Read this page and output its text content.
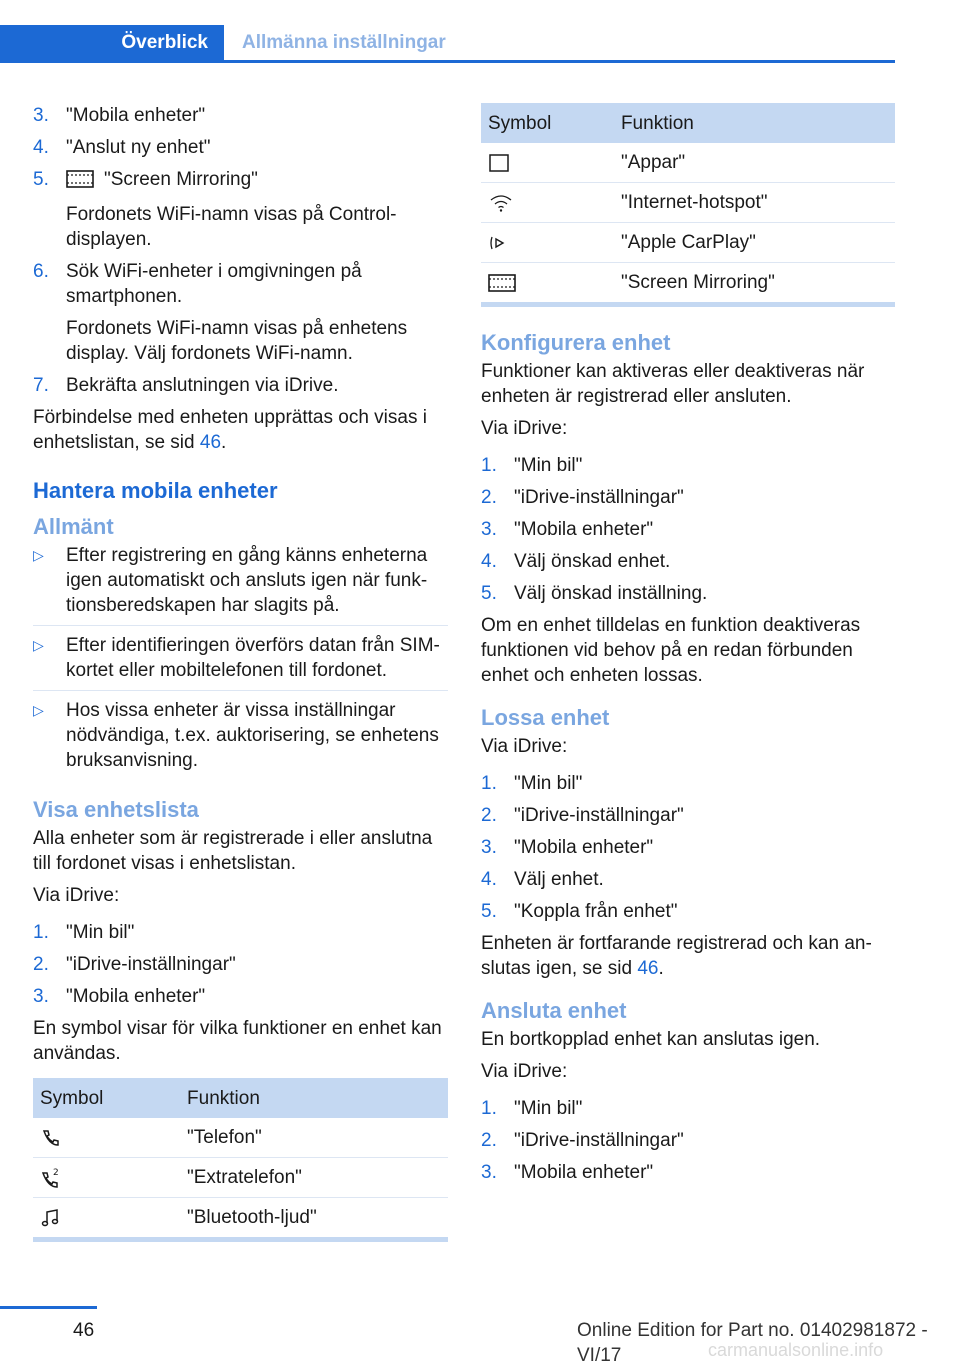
Överblick	Allmänna inställningar
3. "Mobila enheter"
4. "Anslut ny enhet"
5.	"Screen Mirroring"
Fordonets WiFi-namn visas på Controldisplayen.
6. Sök WiFi-enheter i omgivningen på smartphonen.
Fordonets WiFi-namn visas på enhetens display. Välj fordonets WiFi-namn.
7. Bekräfta anslutningen via iDrive.

Förbindelse med enheten upprättas och visas i enhetslistan, se sid 46.

Hantera mobila enheter
Allmänt
▷ Efter registrering en gång känns enheterna igen automatiskt och ansluts igen när funktionsberedskapen har slagits på.
▷ Efter identifieringen överförs datan från SIM-kortet eller mobiltelefonen till fordonet.
▷ Hos vissa enheter är vissa inställningar nödvändiga, t.ex. auktorisering, se enhetens bruksanvisning.
Visa enhetslista

Alla enheter som är registrerade i eller anslutna till fordonet visas i enhetslistan.

Via iDrive:

1. "Min bil"
2. "iDrive-inställningar"
3. "Mobila enheter"

En symbol visar för vilka funktioner en enhet kan användas.

Symbol	Funktion

	"Telefon"

2	"Extratelefon"

	"Bluetooth-ljud"
Symbol	Funktion

	"Appar"

	"Internet-hotspot"

	"Apple CarPlay"

	"Screen Mirroring"
Konfigurera enhet

Funktioner kan aktiveras eller deaktiveras när enheten är registrerad eller ansluten.

Via iDrive:

1. "Min bil"
2. "iDrive-inställningar"
3. "Mobila enheter"
4. Välj önskad enhet.
5. Välj önskad inställning.

Om en enhet tilldelas en funktion deaktiveras funktionen vid behov på en redan förbunden enhet och enheten lossas.

Lossa enhet

Via iDrive:

1. "Min bil"
2. "iDrive-inställningar"
3. "Mobila enheter"
4. Välj enhet.
5. "Koppla från enhet"

Enheten är fortfarande registrerad och kan anslutas igen, se sid 46.

Ansluta enhet

En bortkopplad enhet kan anslutas igen.

Via iDrive:

1. "Min bil"
2. "iDrive-inställningar"
3. "Mobila enheter"
46	Online Edition for Part no. 01402981872 - VI/17	carmanualsonline.info
